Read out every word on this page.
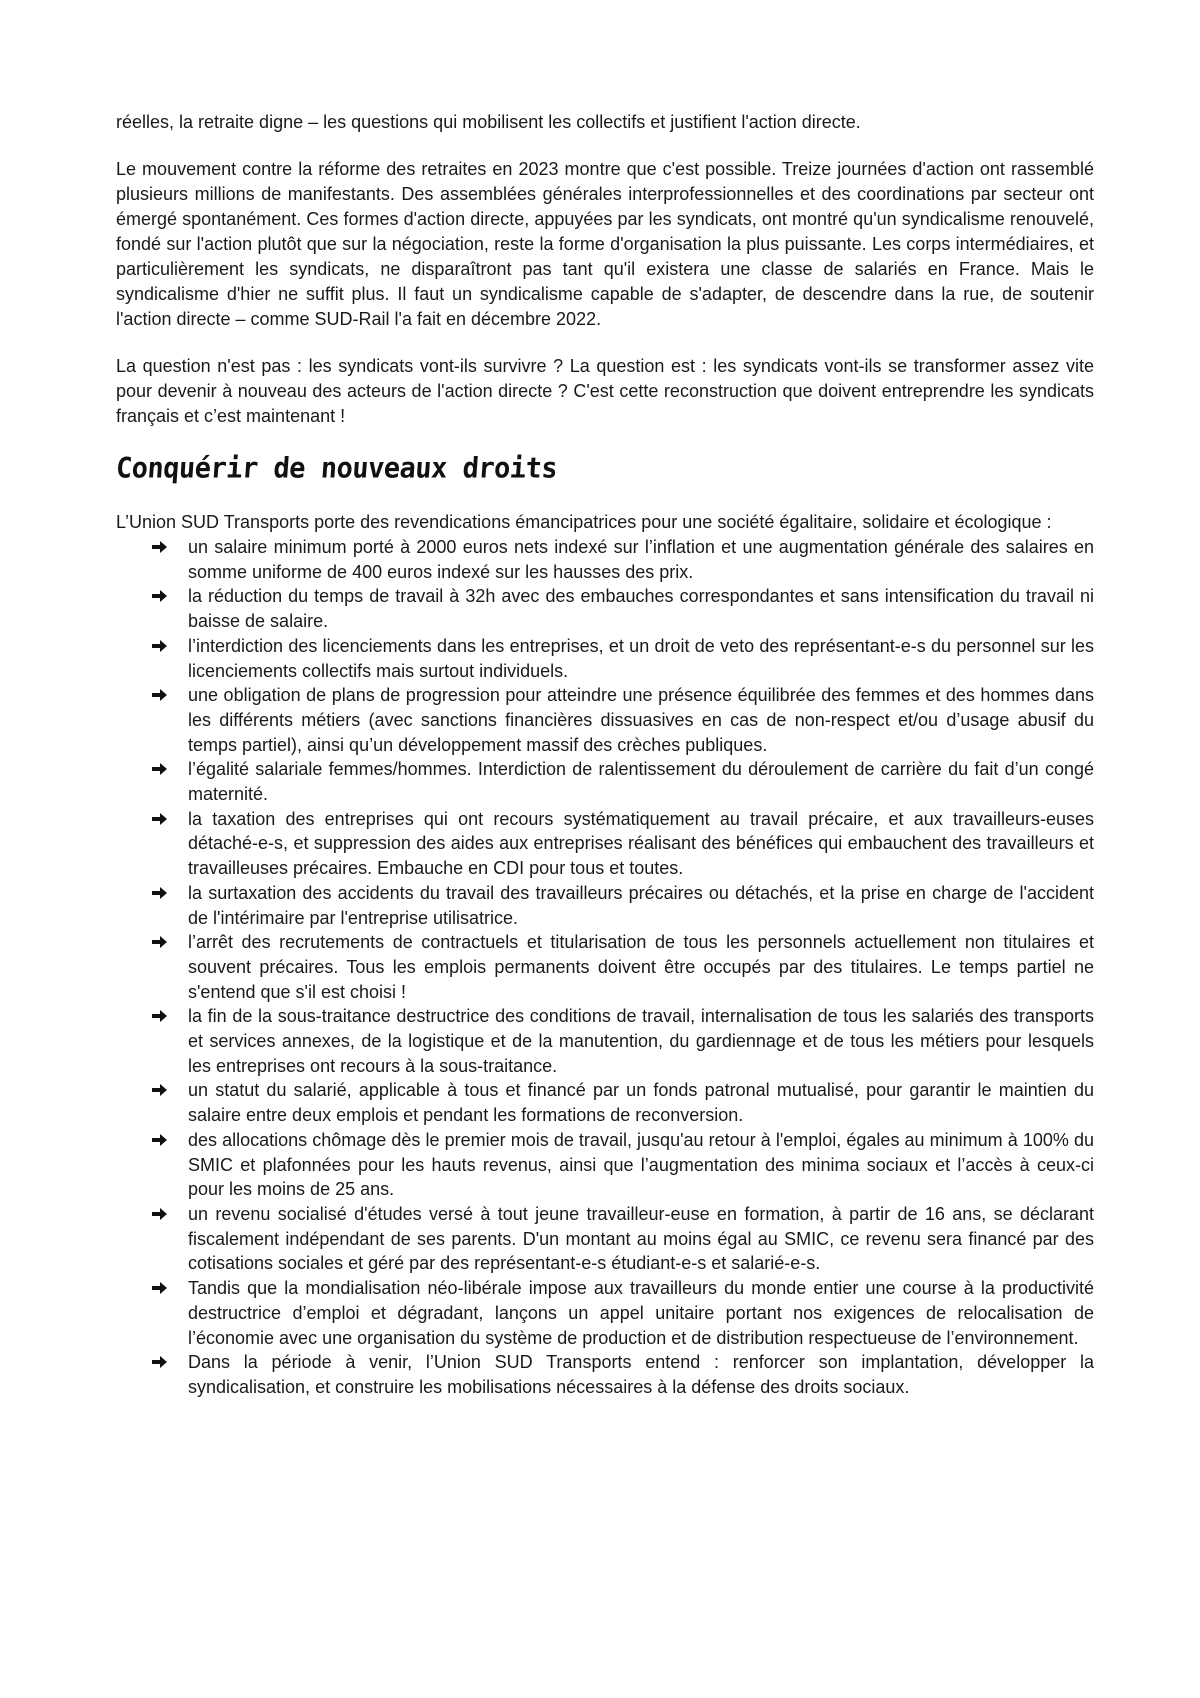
réelles, la retraite digne – les questions qui mobilisent les collectifs et justifient l'action directe.

Le mouvement contre la réforme des retraites en 2023 montre que c'est possible. Treize journées d'action ont rassemblé plusieurs millions de manifestants. Des assemblées générales interprofessionnelles et des coordinations par secteur ont émergé spontanément. Ces formes d'action directe, appuyées par les syndicats, ont montré qu'un syndicalisme renouvelé, fondé sur l'action plutôt que sur la négociation, reste la forme d'organisation la plus puissante. Les corps intermédiaires, et particulièrement les syndicats, ne disparaîtront pas tant qu'il existera une classe de salariés en France. Mais le syndicalisme d'hier ne suffit plus. Il faut un syndicalisme capable de s'adapter, de descendre dans la rue, de soutenir l'action directe – comme SUD-Rail l'a fait en décembre 2022.

La question n'est pas : les syndicats vont-ils survivre ? La question est : les syndicats vont-ils se transformer assez vite pour devenir à nouveau des acteurs de l'action directe ? C'est cette reconstruction que doivent entreprendre les syndicats français et c’est maintenant !

Conquérir de nouveaux droits

L’Union SUD Transports porte des revendications émancipatrices pour une société égalitaire, solidaire et écologique :

un salaire minimum porté à 2000 euros nets indexé sur l’inflation et une augmentation générale des salaires en somme uniforme de 400 euros indexé sur les hausses des prix.
la réduction du temps de travail à 32h avec des embauches correspondantes et sans intensification du travail ni baisse de salaire.
l’interdiction des licenciements dans les entreprises, et un droit de veto des représentant-e-s du personnel sur les licenciements collectifs mais surtout individuels.
une obligation de plans de progression pour atteindre une présence équilibrée des femmes et des hommes dans les différents métiers (avec sanctions financières dissuasives en cas de non-respect et/ou d’usage abusif du temps partiel), ainsi qu’un développement massif des crèches publiques.
l’égalité salariale femmes/hommes. Interdiction de ralentissement du déroulement de carrière du fait d’un congé maternité.
la taxation des entreprises qui ont recours systématiquement au travail précaire, et aux travailleurs-euses détaché-e-s, et suppression des aides aux entreprises réalisant des bénéfices qui embauchent des travailleurs et travailleuses précaires. Embauche en CDI pour tous et toutes.
la surtaxation des accidents du travail des travailleurs précaires ou détachés, et la prise en charge de l'accident de l'intérimaire par l'entreprise utilisatrice.
l’arrêt des recrutements de contractuels et titularisation de tous les personnels actuellement non titulaires et souvent précaires. Tous les emplois permanents doivent être occupés par des titulaires. Le temps partiel ne s'entend que s'il est choisi !
la fin de la sous-traitance destructrice des conditions de travail, internalisation de tous les salariés des transports et services annexes, de la logistique et de la manutention, du gardiennage et de tous les métiers pour lesquels les entreprises ont recours à la sous-traitance.
un statut du salarié, applicable à tous et financé par un fonds patronal mutualisé, pour garantir le maintien du salaire entre deux emplois et pendant les formations de reconversion.
des allocations chômage dès le premier mois de travail, jusqu'au retour à l'emploi, égales au minimum à 100% du SMIC et plafonnées pour les hauts revenus, ainsi que l’augmentation des minima sociaux et l’accès à ceux-ci pour les moins de 25 ans.
un revenu socialisé d'études versé à tout jeune travailleur-euse en formation, à partir de 16 ans, se déclarant fiscalement indépendant de ses parents. D'un montant au moins égal au SMIC, ce revenu sera financé par des cotisations sociales et géré par des représentant-e-s étudiant-e-s et salarié-e-s.
Tandis que la mondialisation néo-libérale impose aux travailleurs du monde entier une course à la productivité destructrice d’emploi et dégradant, lançons un appel unitaire portant nos exigences de relocalisation de l’économie avec une organisation du système de production et de distribution respectueuse de l’environnement.
Dans la période à venir, l’Union SUD Transports entend : renforcer son implantation, développer la syndicalisation, et construire les mobilisations nécessaires à la défense des droits sociaux.
